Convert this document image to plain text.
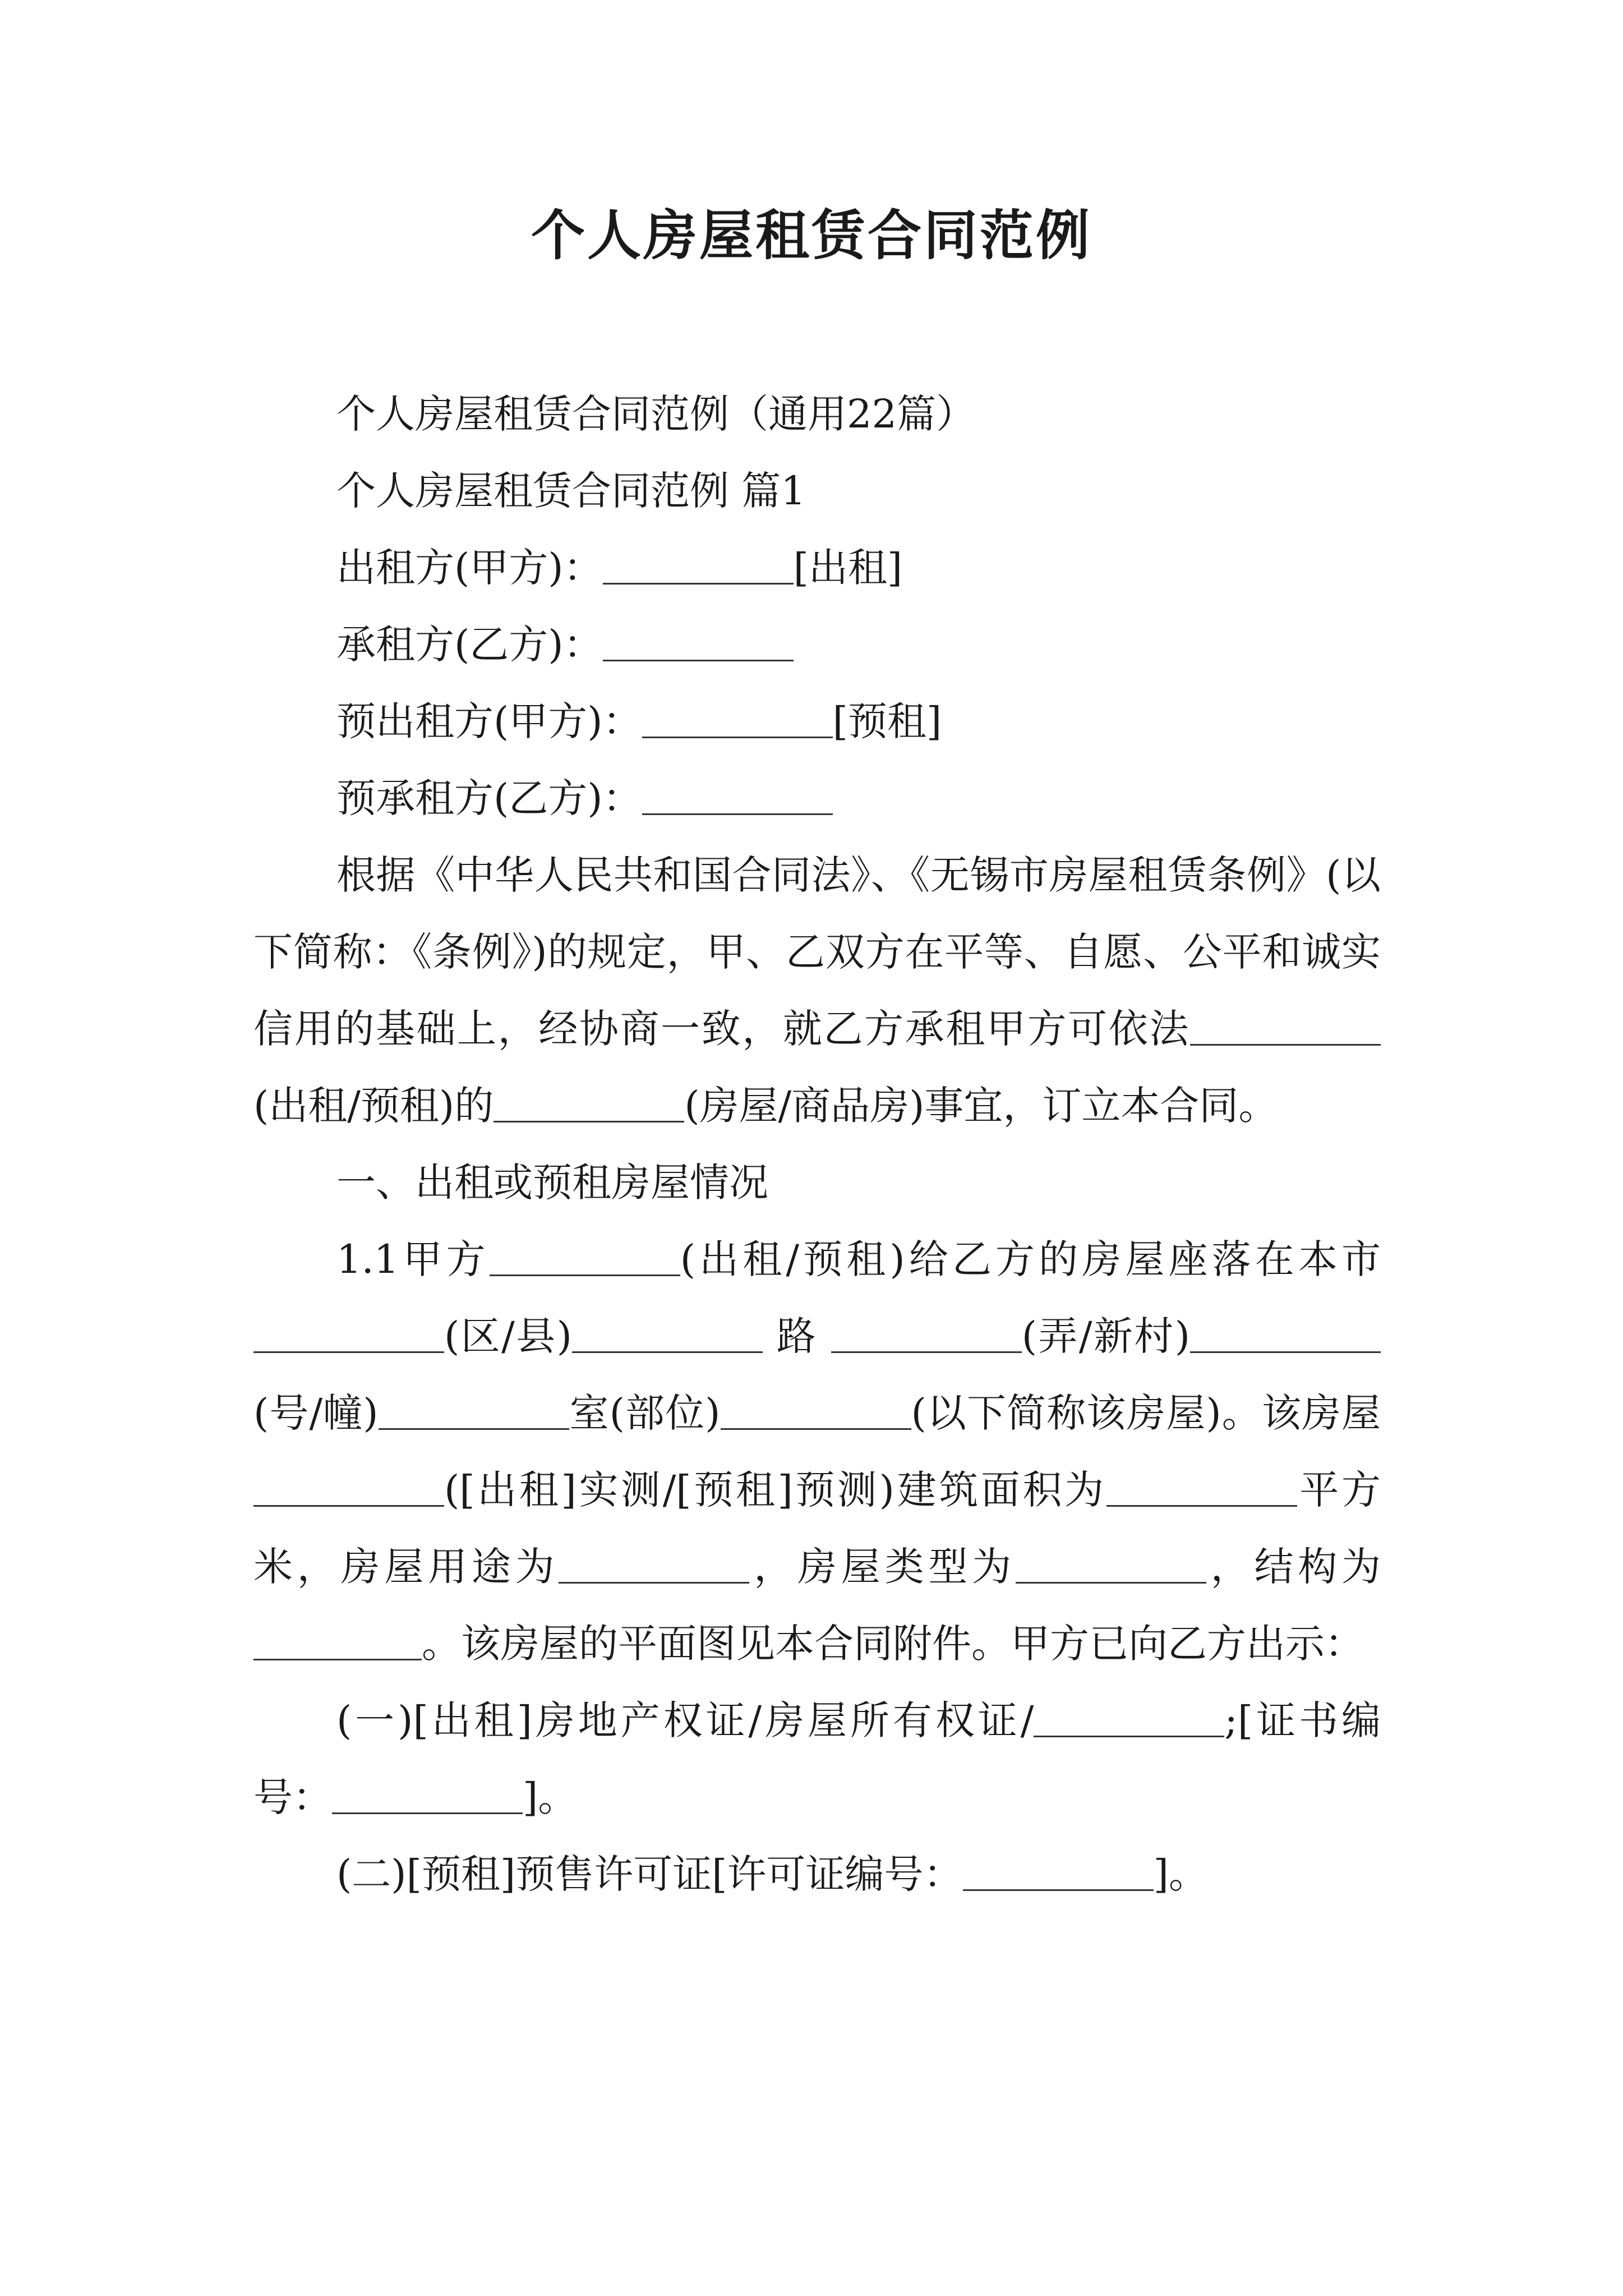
个人房屋租赁合同范例

个人房屋租赁合同范例（通用22篇）

个人房屋租赁合同范例 篇1

出租方(甲方)：	[出租]

承租方(乙方)：

预出租方(甲方)：	[预租]

预承租方(乙方)：

根据《中华人民共和国合同法》、《无锡市房屋租赁条例》(以下简称：《条例》)的规定，甲、乙双方在平等、自愿、公平和诚实信用的基础上，经协商一致，就乙方承租甲方可依法(出租/预租)的	(房屋/商品房)事宜，订立本合同。

一、出租或预租房屋情况

1.1甲方	(出租/预租)给乙方的房屋座落在本市 (区/县)	路	(弄/新村)(号/幢)	室(部位)	(以下简称该房屋)。该房屋([出租]实测/[预租]预测)建筑面积为	平方米，房屋用途为	，房屋类型为	，结构为。该房屋的平面图见本合同附件。甲方已向乙方出示：

(一)[出租]房地产权证/房屋所有权证/	;[证书编号：	]。

(二)[预租]预售许可证[许可证编号：	]。
